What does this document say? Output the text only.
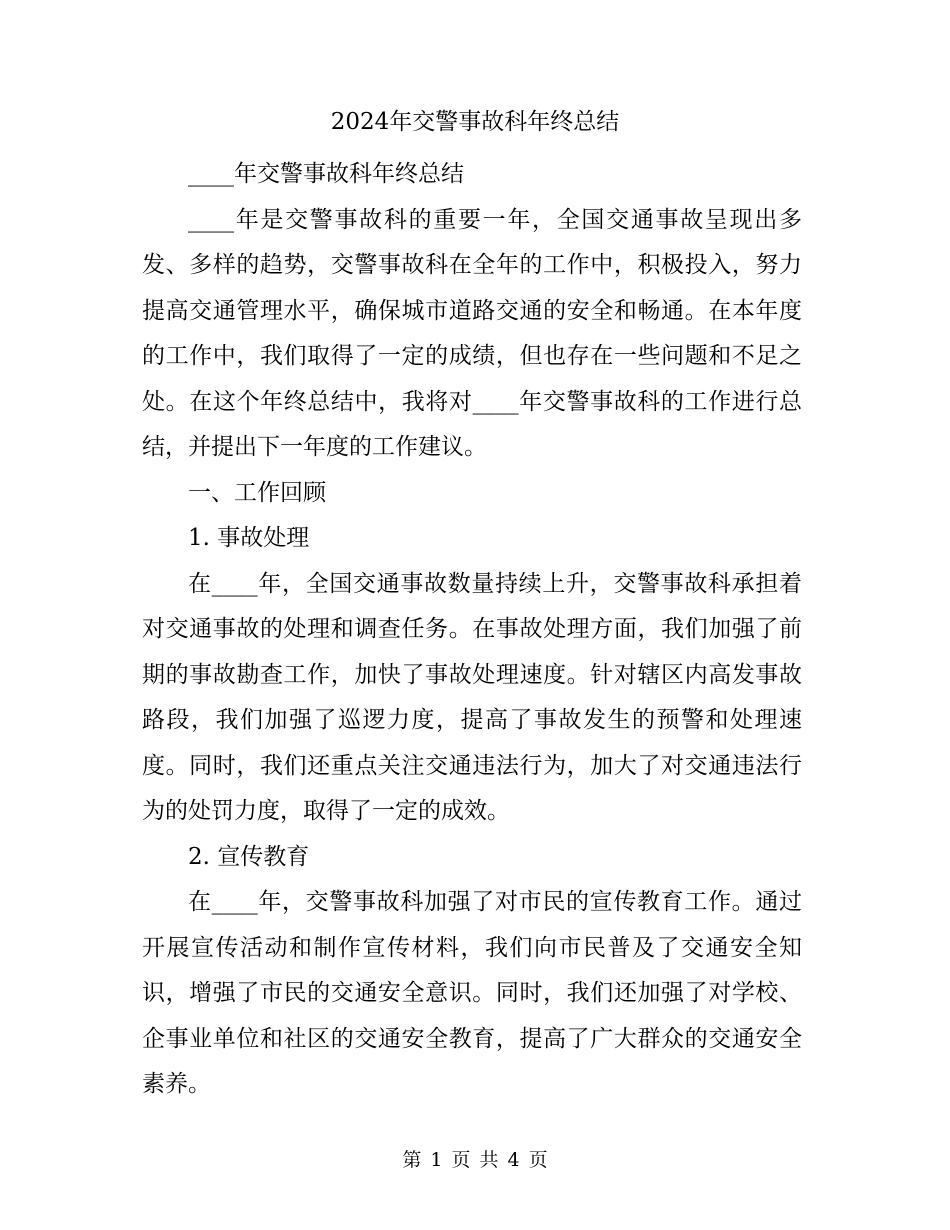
2024年交警事故科年终总结

____年交警事故科年终总结

____年是交警事故科的重要一年，全国交通事故呈现出多发、多样的趋势，交警事故科在全年的工作中，积极投入，努力提高交通管理水平，确保城市道路交通的安全和畅通。在本年度的工作中，我们取得了一定的成绩，但也存在一些问题和不足之处。在这个年终总结中，我将对____年交警事故科的工作进行总结，并提出下一年度的工作建议。

一、工作回顾

1. 事故处理

在____年，全国交通事故数量持续上升，交警事故科承担着对交通事故的处理和调查任务。在事故处理方面，我们加强了前期的事故勘查工作，加快了事故处理速度。针对辖区内高发事故路段，我们加强了巡逻力度，提高了事故发生的预警和处理速度。同时，我们还重点关注交通违法行为，加大了对交通违法行为的处罚力度，取得了一定的成效。

2. 宣传教育

在____年，交警事故科加强了对市民的宣传教育工作。通过开展宣传活动和制作宣传材料，我们向市民普及了交通安全知识，增强了市民的交通安全意识。同时，我们还加强了对学校、企事业单位和社区的交通安全教育，提高了广大群众的交通安全素养。

第 1 页 共 4 页
